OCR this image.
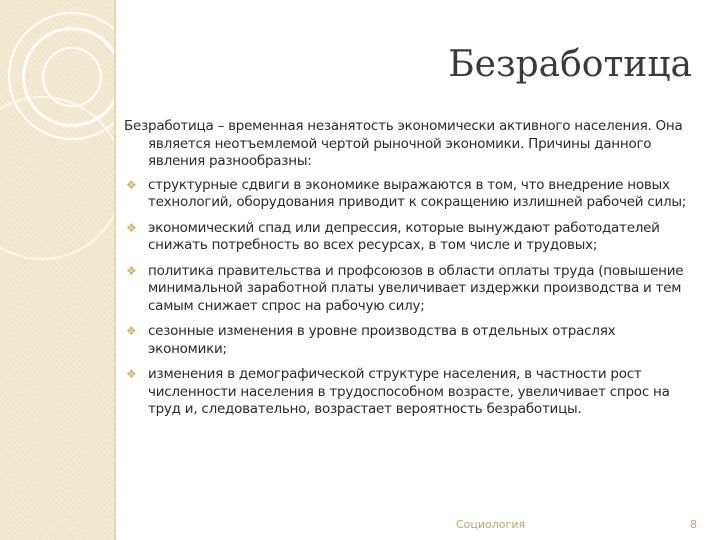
Безработица

Безработица – временная незанятость экономически активного населения. Она является неотъемлемой чертой рыночной экономики. Причины данного явления разнообразны:

❖ структурные сдвиги в экономике выражаются в том, что внедрение новых технологий, оборудования приводит к сокращению излишней рабочей силы;
❖ экономический спад или депрессия, которые вынуждают работодателей снижать потребность во всех ресурсах, в том числе и трудовых;
❖ политика правительства и профсоюзов в области оплаты труда (повышение минимальной заработной платы увеличивает издержки производства и тем самым снижает спрос на рабочую силу;
❖ сезонные изменения в уровне производства в отдельных отраслях экономики;
❖ изменения в демографической структуре населения, в частности рост численности населения в трудоспособном возрасте, увеличивает спрос на труд и, следовательно, возрастает вероятность безработицы.
Социология	8
